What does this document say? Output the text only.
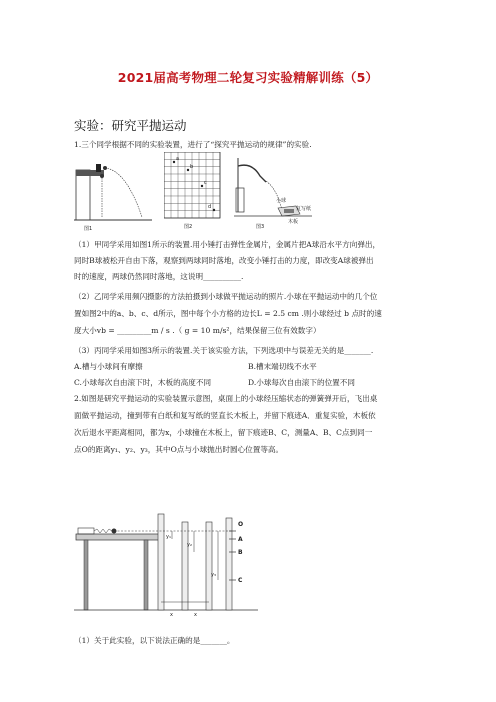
2021届高考物理二轮复习实验精解训练（5）
实验：研究平抛运动
1.三个同学根据不同的实验装置，进行了“探究平抛运动的规律”的实验.
图1
a
b
c
d
图2
小球
复写纸
木板
图3
（1）甲同学采用如图1所示的装置.用小锤打击弹性金属片，金属片把A球沿水平方向弹出，
同时B球被松开自由下落，观察到两球同时落地，改变小锤打击的力度，即改变A球被弹出
时的速度，两球仍然同时落地，这说明__________.
（2）乙同学采用频闪摄影的方法拍摄到小球做平抛运动的照片.小球在平抛运动中的几个位
置如图2中的a、b、c、d所示，图中每个小方格的边长L = 2.5 cm .则小球经过 b 点时的速
度大小vb = _________m / s .（ g = 10 m/s²，结果保留三位有效数字）
（3）丙同学采用如图3所示的装置.关于该实验方法，下列选项中与误差无关的是_______.
A.槽与小球间有摩擦	B.槽末端切线不水平
C.小球每次自由滚下时，木板的高度不同	D.小球每次自由滚下的位置不同
2.如图是研究平抛运动的实验装置示意图，桌面上的小球经压缩状态的弹簧弹开后，飞出桌
面做平抛运动，撞到带有白纸和复写纸的竖直长木板上，并留下痕迹A．重复实验，木板依
次后退水平距离相同，都为x，小球撞在木板上，留下痕迹B、C，测量A、B、C点到同一
点O的距离y₁、y₂、y₃，其中O点与小球抛出时圆心位置等高。
O
A
B
C
y₁
y₂
y₃
x	x
（1）关于此实验，以下说法正确的是_______。
